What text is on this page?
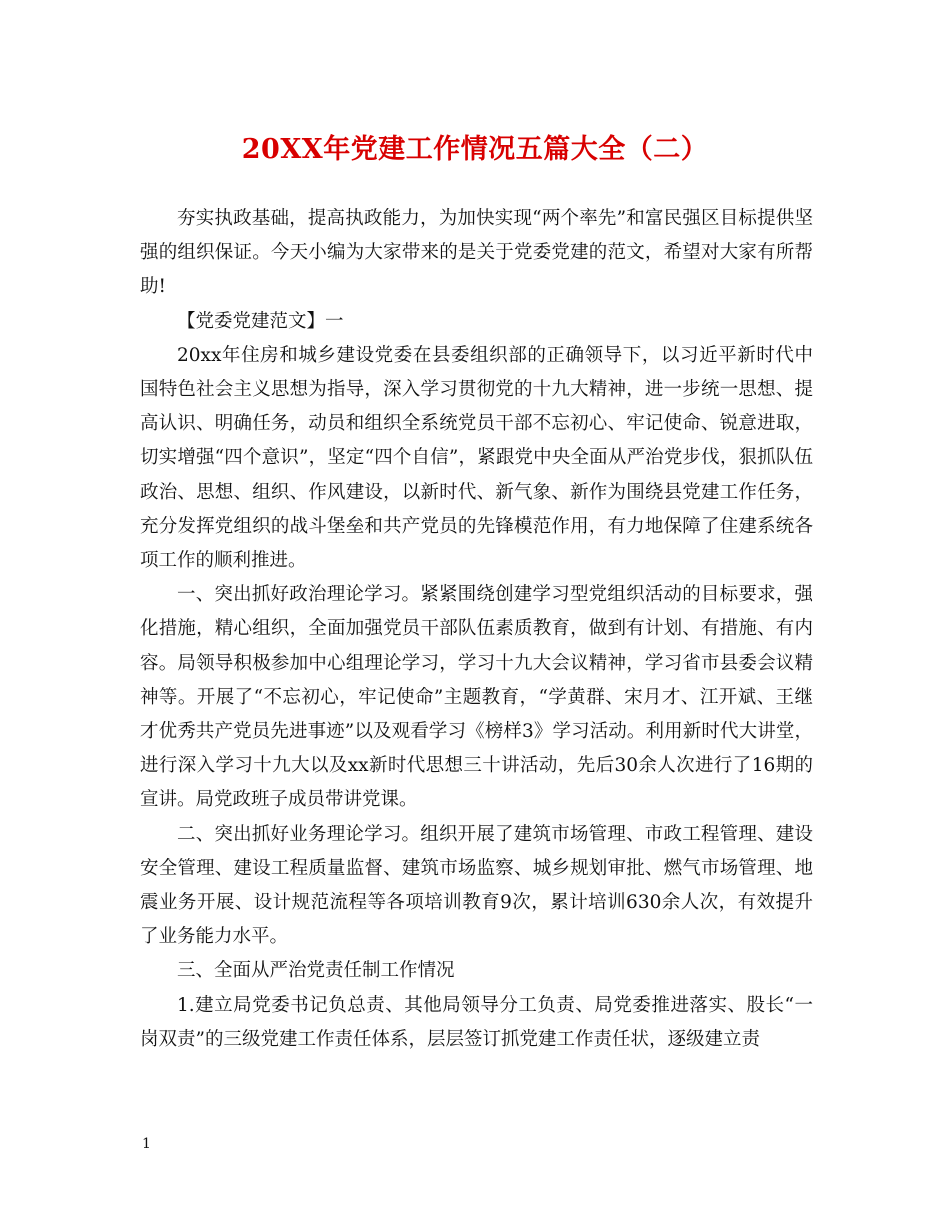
20XX年党建工作情况五篇大全（二）

夯实执政基础，提高执政能力，为加快实现“两个率先”和富民强区目标提供坚强的组织保证。今天小编为大家带来的是关于党委党建的范文，希望对大家有所帮助!

【党委党建范文】一

20xx年住房和城乡建设党委在县委组织部的正确领导下，以习近平新时代中国特色社会主义思想为指导，深入学习贯彻党的十九大精神，进一步统一思想、提高认识、明确任务，动员和组织全系统党员干部不忘初心、牢记使命、锐意进取，切实增强“四个意识”，坚定“四个自信”，紧跟党中央全面从严治党步伐，狠抓队伍政治、思想、组织、作风建设，以新时代、新气象、新作为围绕县党建工作任务，充分发挥党组织的战斗堡垒和共产党员的先锋模范作用，有力地保障了住建系统各项工作的顺利推进。

一、突出抓好政治理论学习。紧紧围绕创建学习型党组织活动的目标要求，强化措施，精心组织，全面加强党员干部队伍素质教育，做到有计划、有措施、有内容。局领导积极参加中心组理论学习，学习十九大会议精神，学习省市县委会议精神等。开展了“不忘初心，牢记使命”主题教育，“学黄群、宋月才、江开斌、王继才优秀共产党员先进事迹”以及观看学习《榜样3》学习活动。利用新时代大讲堂，进行深入学习十九大以及xx新时代思想三十讲活动，先后30余人次进行了16期的宣讲。局党政班子成员带讲党课。

二、突出抓好业务理论学习。组织开展了建筑市场管理、市政工程管理、建设安全管理、建设工程质量监督、建筑市场监察、城乡规划审批、燃气市场管理、地震业务开展、设计规范流程等各项培训教育9次，累计培训630余人次，有效提升了业务能力水平。

三、全面从严治党责任制工作情况

1.建立局党委书记负总责、其他局领导分工负责、局党委推进落实、股长“一岗双责”的三级党建工作责任体系，层层签订抓党建工作责任状，逐级建立责

1
